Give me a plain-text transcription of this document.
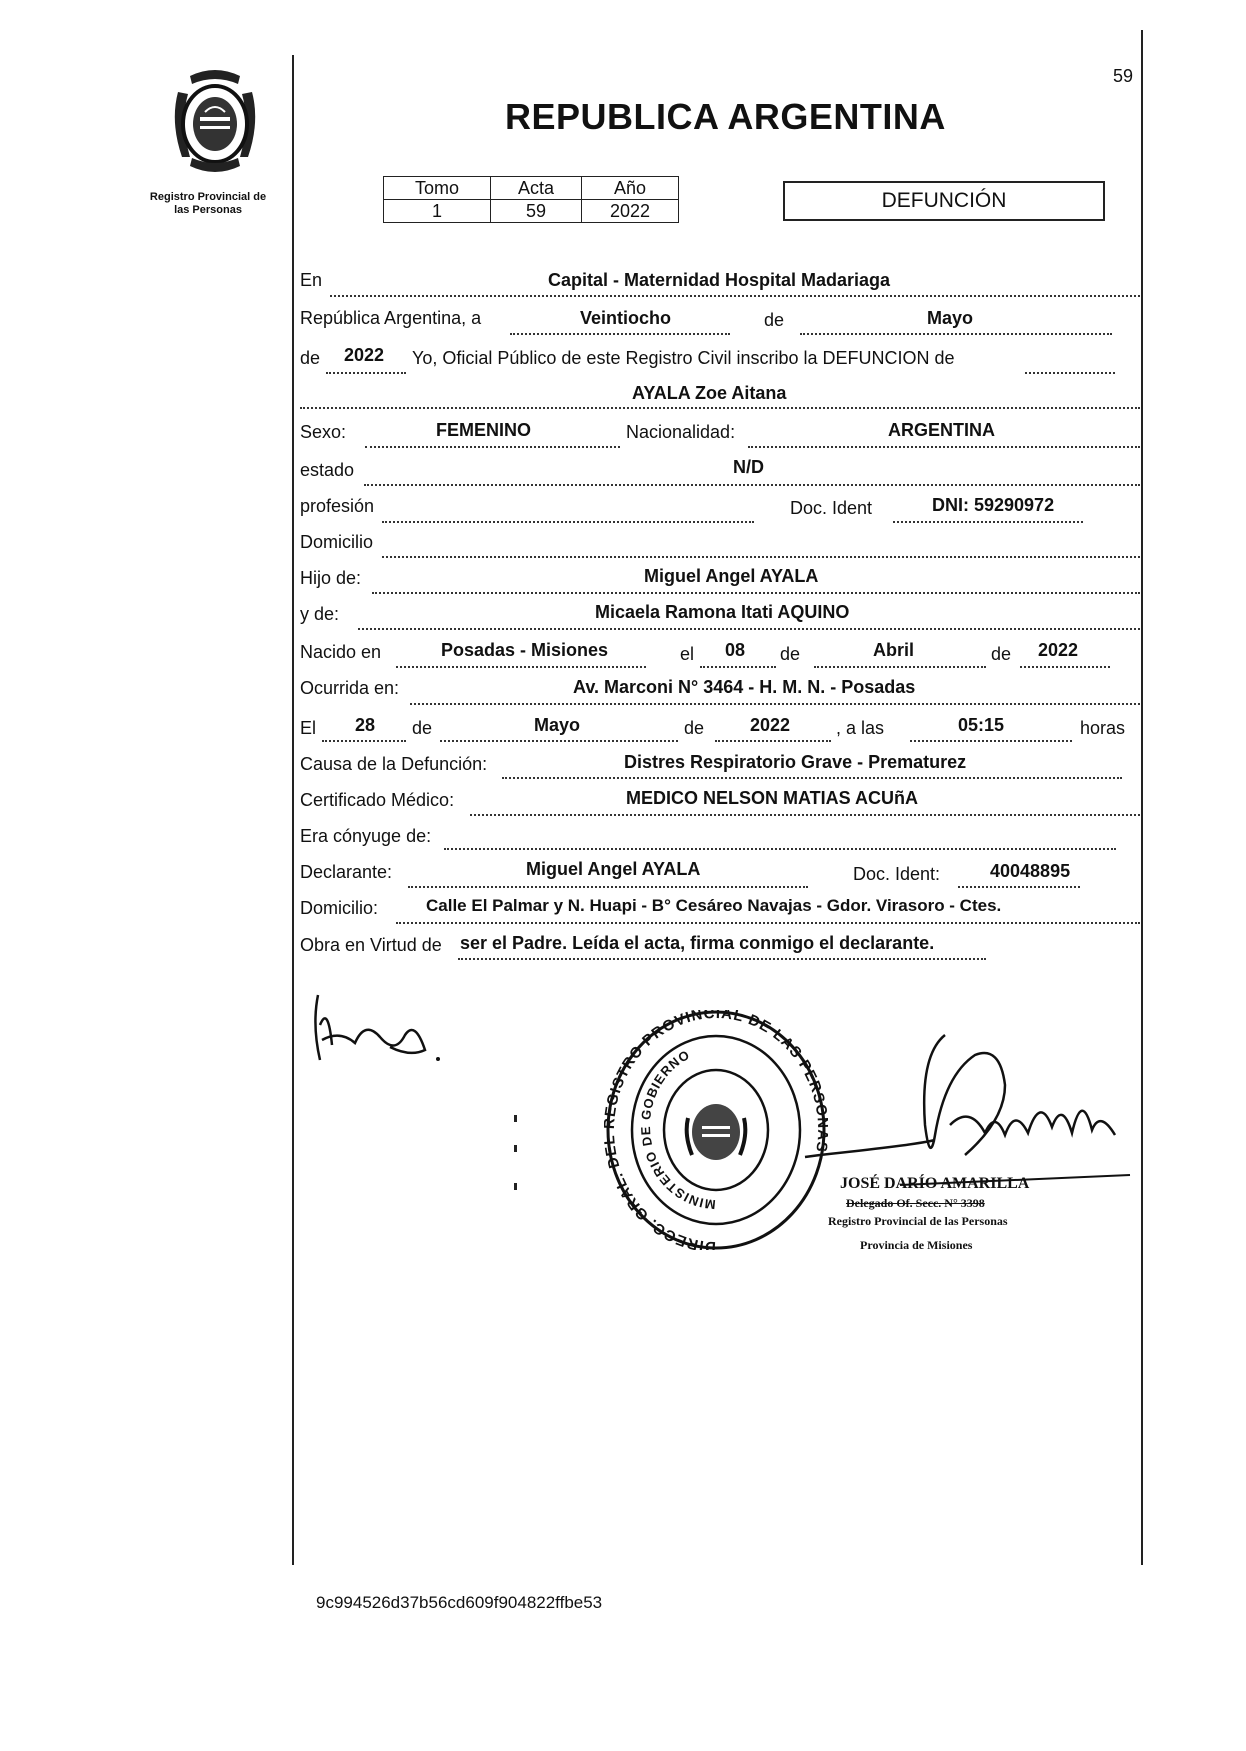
Registro Provincial de
las Personas
59
REPUBLICA ARGENTINA
Tomo	Acta	Año
1	59	2022	DEFUNCIÓN
En	Capital - Maternidad Hospital Madariaga
República Argentina, a	Veintiocho	de	Mayo
de 2022 Yo, Oficial Público de este Registro Civil inscribo la DEFUNCION de
AYALA Zoe Aitana
Sexo:	FEMENINO	Nacionalidad:	ARGENTINA
estado	N/D
profesión	Doc. Ident	DNI: 59290972
Domicilio
Hijo de:	Miguel Angel AYALA
y de:	Micaela Ramona Itati AQUINO
Nacido en	Posadas - Misiones	el 08 de	Abril	de 2022
Ocurrida en:	Av. Marconi N° 3464 - H. M. N. - Posadas
El 28 de	Mayo	de	2022	, a las	05:15	horas
Causa de la Defunción:	Distres Respiratorio Grave - Prematurez
Certificado Médico:	MEDICO NELSON MATIAS ACUñA
Era cónyuge de:
Declarante:	Miguel Angel AYALA	Doc. Ident:	40048895
Domicilio:	Calle El Palmar y N. Huapi - B° Cesáreo Navajas - Gdor. Virasoro - Ctes.
Obra en Virtud de ser el Padre. Leída el acta, firma conmigo el declarante.
DIRECC. GRAL. D GISTRO PROVINCIAL DE LAS PERS
MINISTERIO DE GOBIERNO
JOSÉ DARÍO AMARILLA
Delegado Of. Secc. N° 3398
Registro Provincial de las Personas
Provincia de Misiones
9c994526d37b56cd609f904822ffbe53
